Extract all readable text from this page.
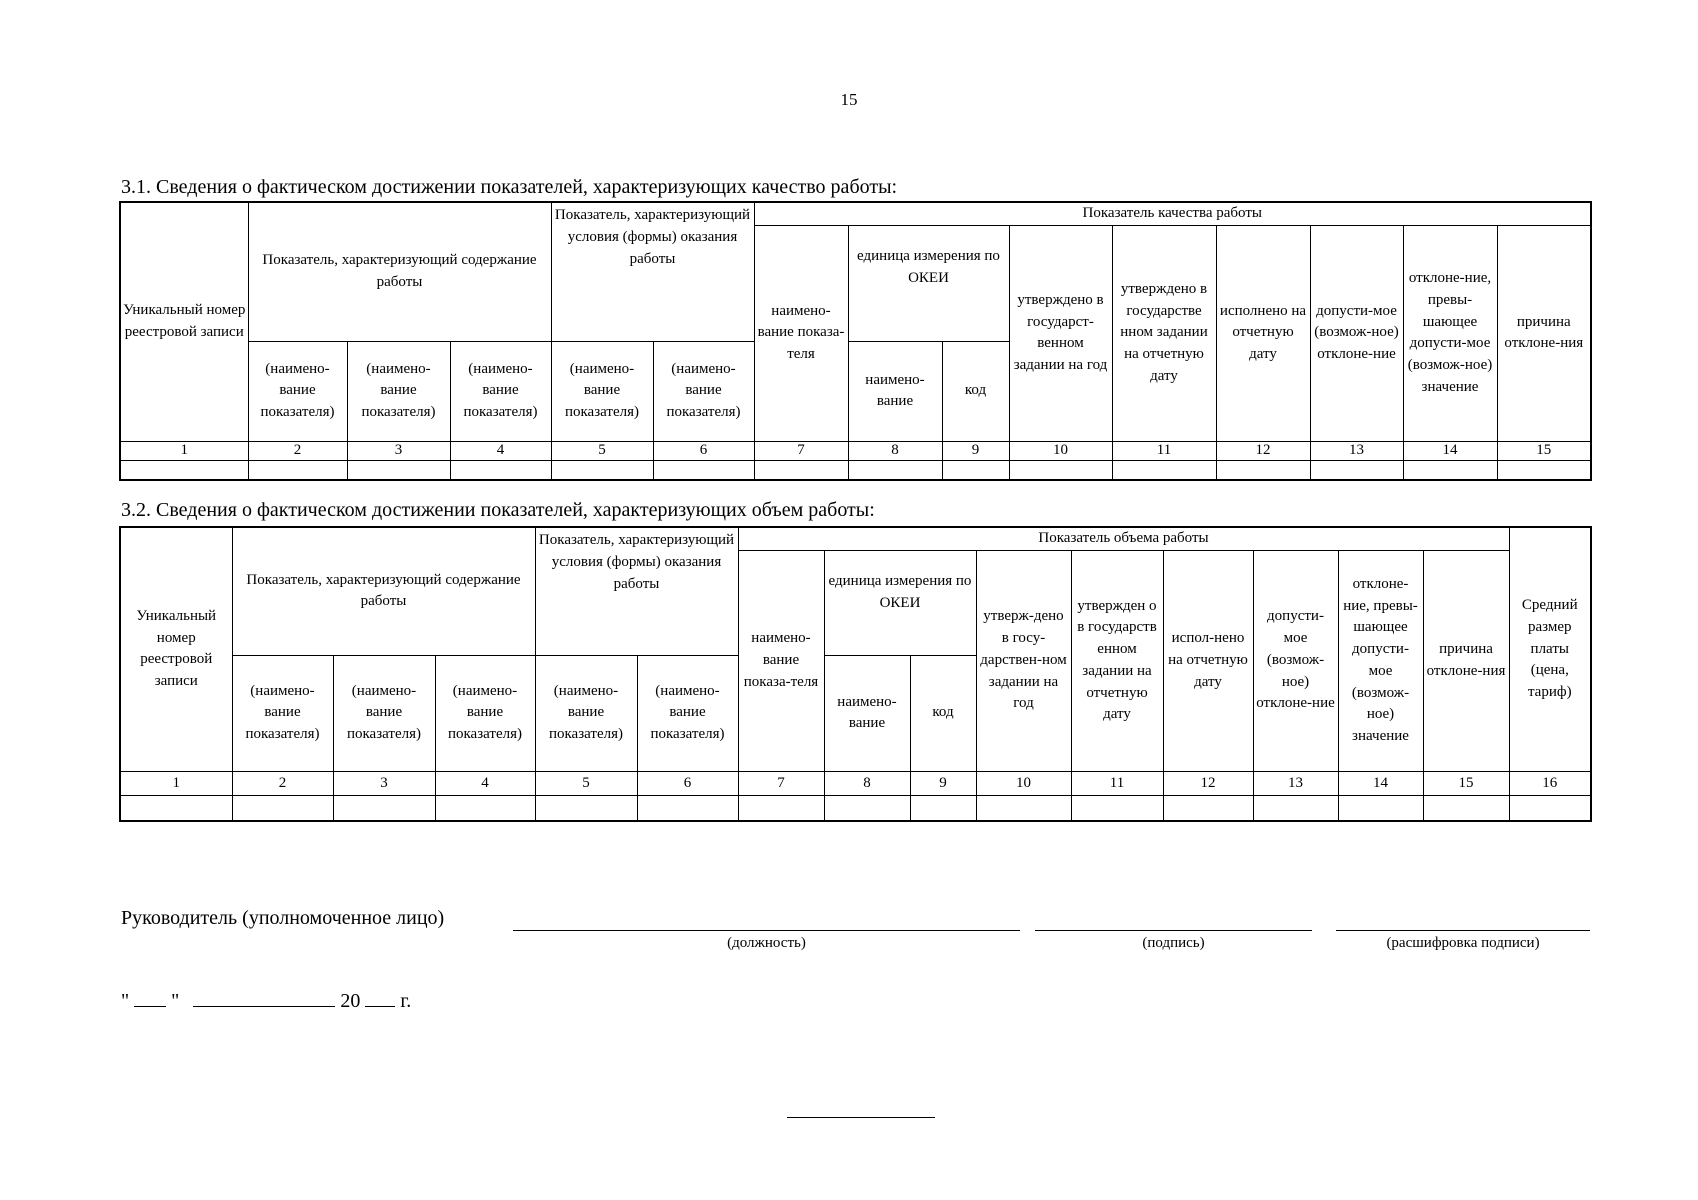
15
3.1. Сведения о фактическом достижении показателей, характеризующих качество работы:
Уникальный номер реестровой записи	Показатель, характеризующий содержание работы			Показатель, характеризующий условия (формы) оказания работы		Показатель качества работы								
						наимено-вание показа-теля	единица измерения по ОКЕИ		утверждено в государст-венном задании на год	утверждено в государстве нном задании на отчетную дату	исполнено на отчетную дату	допусти-мое (возмож-ное) отклоне-ние	отклоне-ние, превы-шающее допусти-мое (возмож-ное) значение	причина отклоне-ния
	(наимено-вание показателя)	(наимено-вание показателя)	(наимено-вание показателя)	(наимено-вание показателя)	(наимено-вание показателя)		наимено-вание	код						
1	2	3	4	5	6	7	8	9	10	11	12	13	14	15

3.2. Сведения о фактическом достижении показателей, характеризующих объем работы:
Уникальный номер реестровой записи	Показатель, характеризующий содержание работы			Показатель, характеризующий условия (формы) оказания работы		Показатель объема работы									Средний размер платы (цена, тариф)
						наимено-вание показа-теля	единица измерения по ОКЕИ		утверж-дено в госу-дарствен-ном задании на год	утвержден о в государств енном задании на отчетную дату	испол-нено на отчетную дату	допусти-мое (возмож-ное) отклоне-ние	отклоне-ние, превы-шающее допусти-мое (возмож-ное) значение	причина отклоне-ния	
	(наимено-вание показателя)	(наимено-вание показателя)	(наимено-вание показателя)	(наимено-вание показателя)	(наимено-вание показателя)		наимено-вание	код							
1	2	3	4	5	6	7	8	9	10	11	12	13	14	15	16

Руководитель (уполномоченное лицо)
(должность)	(подпись)	(расшифровка подписи)
" "	20 г.
